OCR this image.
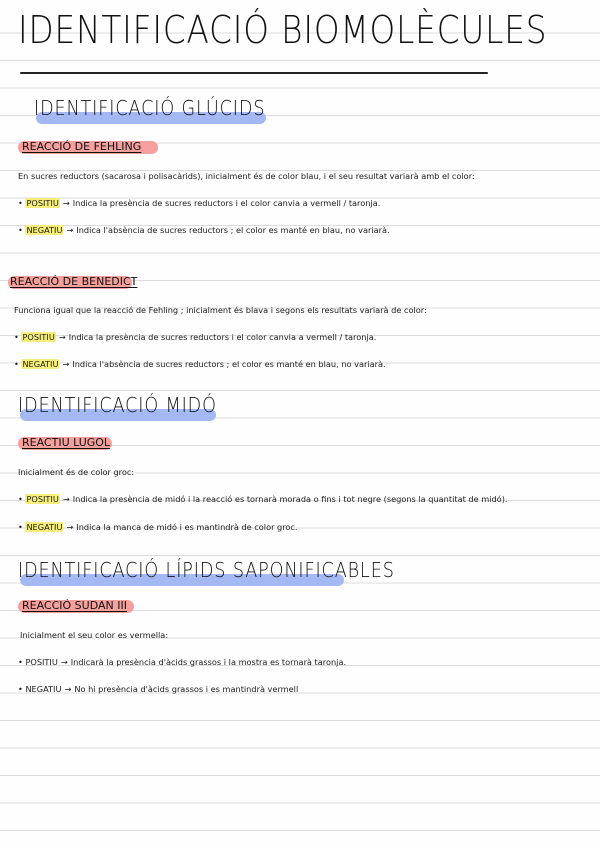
IDENTIFICACIÓ BIOMOLÈCULES
IDENTIFICACIÓ GLÚCIDS
REACCIÓ DE FEHLING
En sucres reductors (sacarosa i polisacàrids), inicialment és de color blau, i el seu resultat variarà amb el color:
• POSITIU → Indica la presència de sucres reductors i el color canvia a vermell / taronja.
• NEGATIU → Indica l'absència de sucres reductors ; el color es manté en blau, no variarà.
REACCIÓ DE BENEDICT
Funciona igual que la reacció de Fehling ; inicialment és blava i segons els resultats variarà de color:
• POSITIU → Indica la presència de sucres reductors i el color canvia a vermell / taronja.
• NEGATIU → Indica l'absència de sucres reductors ; el color es manté en blau, no variarà.
IDENTIFICACIÓ MIDÓ
REACTIU LUGOL
Inicialment és de color groc:
• POSITIU → Indica la presència de midó i la reacció es tornarà morada o fins i tot negre (segons la quantitat de midó).
• NEGATIU → Indica la manca de midó i es mantindrà de color groc.
IDENTIFICACIÓ LÍPIDS SAPONIFICABLES
REACCIÓ SUDAN III
Inicialment el seu color es vermella:
• POSITIU → Indicarà la presència d'àcids grassos i la mostra es tornarà taronja.
• NEGATIU → No hi presència d'àcids grassos i es mantindrà vermell
